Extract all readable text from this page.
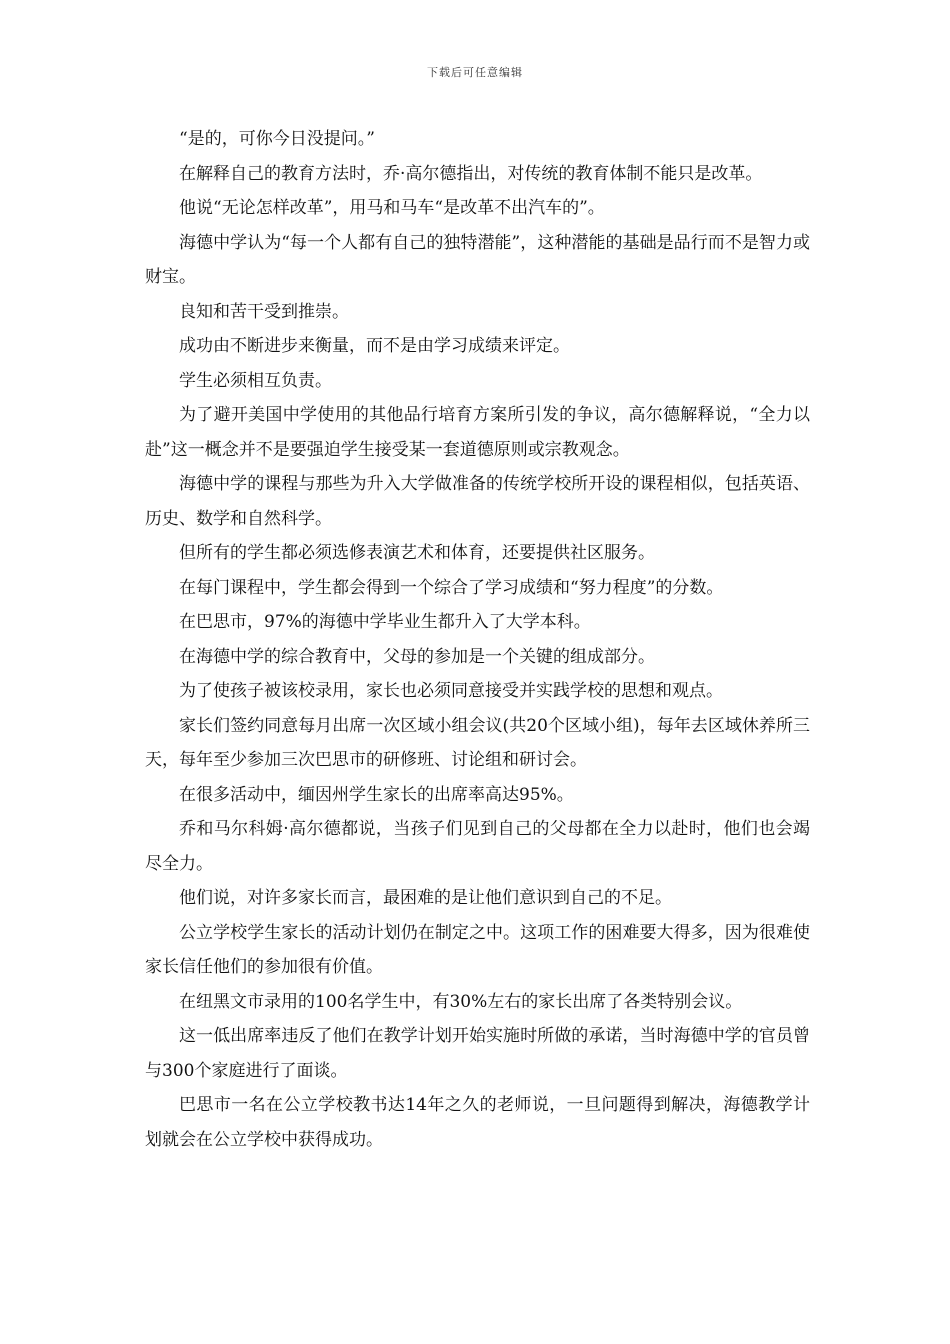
下载后可任意编辑

“是的，可你今日没提问。”

在解释自己的教育方法时，乔·高尔德指出，对传统的教育体制不能只是改革。

他说“无论怎样改革”，用马和马车“是改革不出汽车的”。

海德中学认为“每一个人都有自己的独特潜能”，这种潜能的基础是品行而不是智力或财宝。

良知和苦干受到推崇。

成功由不断进步来衡量，而不是由学习成绩来评定。

学生必须相互负责。

为了避开美国中学使用的其他品行培育方案所引发的争议，高尔德解释说，“全力以赴”这一概念并不是要强迫学生接受某一套道德原则或宗教观念。

海德中学的课程与那些为升入大学做准备的传统学校所开设的课程相似，包括英语、历史、数学和自然科学。

但所有的学生都必须选修表演艺术和体育，还要提供社区服务。

在每门课程中，学生都会得到一个综合了学习成绩和“努力程度”的分数。

在巴思市，97%的海德中学毕业生都升入了大学本科。

在海德中学的综合教育中，父母的参加是一个关键的组成部分。

为了使孩子被该校录用，家长也必须同意接受并实践学校的思想和观点。

家长们签约同意每月出席一次区域小组会议(共20个区域小组)，每年去区域休养所三天，每年至少参加三次巴思市的研修班、讨论组和研讨会。

在很多活动中，缅因州学生家长的出席率高达95%。

乔和马尔科姆·高尔德都说，当孩子们见到自己的父母都在全力以赴时，他们也会竭尽全力。

他们说，对许多家长而言，最困难的是让他们意识到自己的不足。

公立学校学生家长的活动计划仍在制定之中。这项工作的困难要大得多，因为很难使家长信任他们的参加很有价值。

在纽黑文市录用的100名学生中，有30%左右的家长出席了各类特别会议。

这一低出席率违反了他们在教学计划开始实施时所做的承诺，当时海德中学的官员曾与300个家庭进行了面谈。

巴思市一名在公立学校教书达14年之久的老师说，一旦问题得到解决，海德教学计划就会在公立学校中获得成功。
